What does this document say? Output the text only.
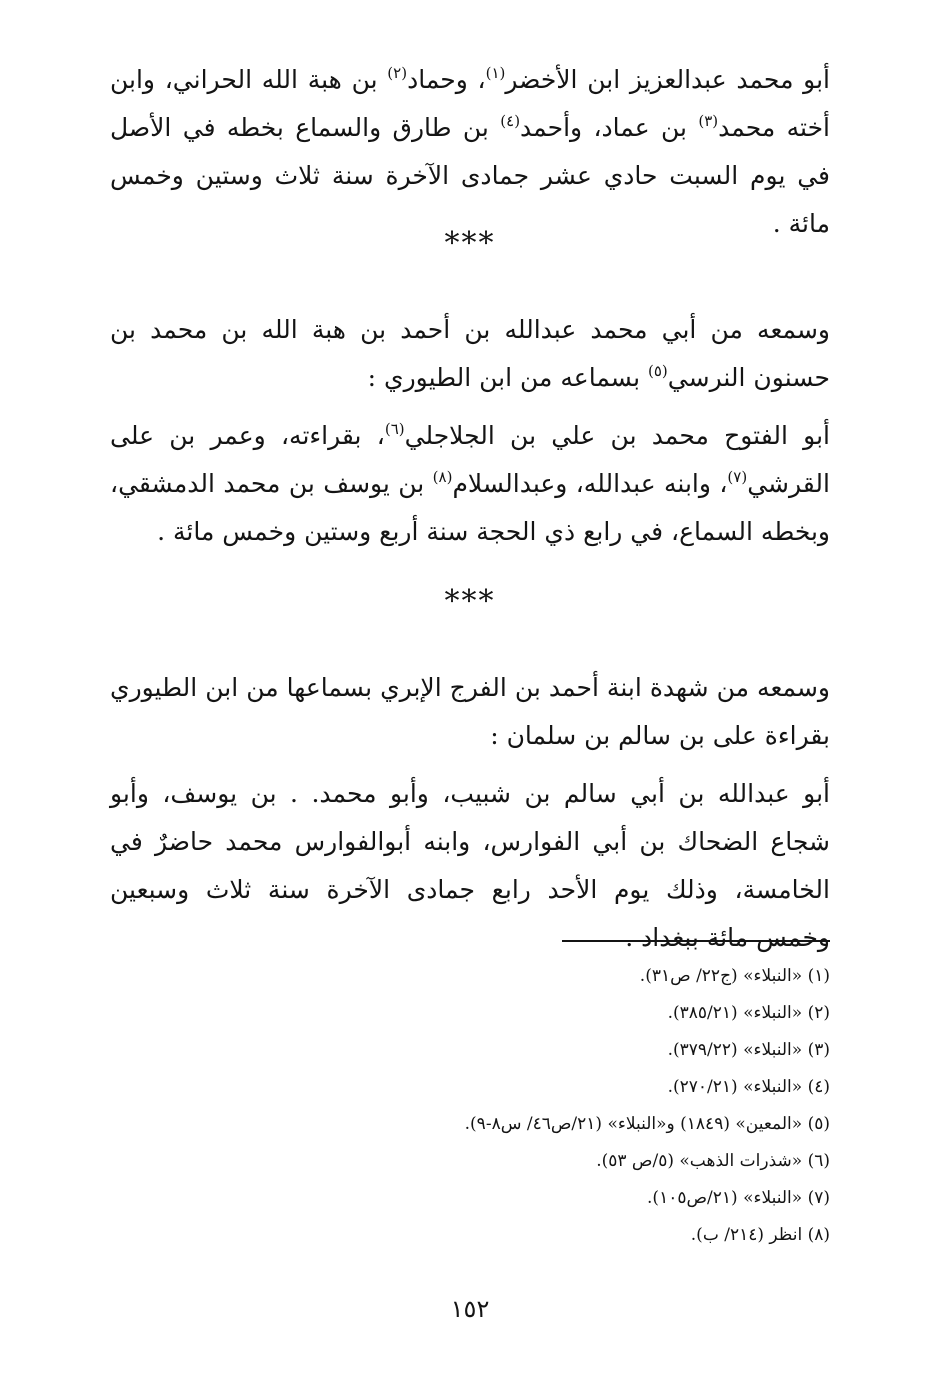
أبو محمد عبدالعزيز ابن الأخضر$^{(١)}$، وحماد$^{(٢)}$ بن هبة الله الحراني، وابن أخته محمد$^{(٣)}$ بن عماد، وأحمد$^{(٤)}$ بن طارق والسماع بخطه في الأصل في يوم السبت حادي عشر جمادى الآخرة سنة ثلاث وستين وخمس مائة .

***

وسمعه من أبي محمد عبدالله بن أحمد بن هبة الله بن محمد بن حسنون النرسي$^{(٥)}$ بسماعه من ابن الطيوري :

أبو الفتوح محمد بن علي بن الجلاجلي$^{(٦)}$، بقراءته، وعمر بن على القرشي$^{(٧)}$، وابنه عبدالله، وعبدالسلام$^{(٨)}$ بن يوسف بن محمد الدمشقي، وبخطه السماع، في رابع ذي الحجة سنة أربع وستين وخمس مائة .

***

وسمعه من شهدة ابنة أحمد بن الفرج الإبري بسماعها من ابن الطيوري بقراءة على بن سالم بن سلمان :

أبو عبدالله بن أبي سالم بن شبيب، وأبو محمد. . بن يوسف، وأبو شجاع الضحاك بن أبي الفوارس، وابنه أبوالفوارس محمد حاضرٌ في الخامسة، وذلك يوم الأحد رابع جمادى الآخرة سنة ثلاث وسبعين وخمس مائة ببغداد .

(١) «النبلاء» (ج٢٢/ ص٣١).
(٢) «النبلاء» (٣٨٥/٢١).
(٣) «النبلاء» (٣٧٩/٢٢).
(٤) «النبلاء» (٢٧٠/٢١).
(٥) «المعين» (١٨٤٩) و«النبلاء» (٢١/ص٤٦/ س٨-٩).
(٦) «شذرات الذهب» (٥/ص ٥٣).
(٧) «النبلاء» (٢١/ص١٠٥).
(٨) انظر (٢١٤/ ب).
١٥٢
